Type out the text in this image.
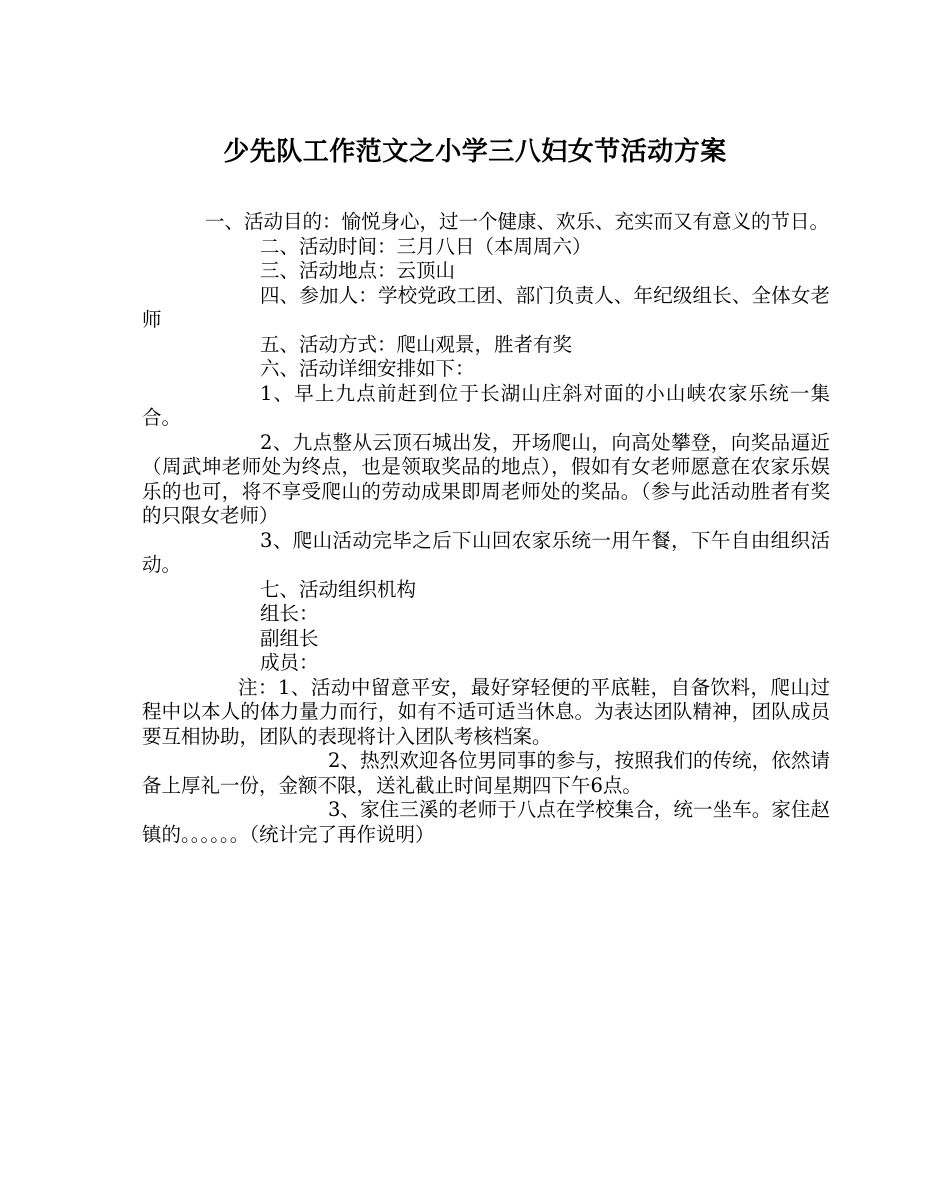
少先队工作范文之小学三八妇女节活动方案

一、活动目的：愉悦身心，过一个健康、欢乐、充实而又有意义的节日。

二、活动时间：三月八日（本周周六）

三、活动地点：云顶山

四、参加人：学校党政工团、部门负责人、年纪级组长、全体女老师

五、活动方式：爬山观景，胜者有奖

六、活动详细安排如下：

1、早上九点前赶到位于长湖山庄斜对面的小山峡农家乐统一集合。

2、九点整从云顶石城出发，开场爬山，向高处攀登，向奖品逼近（周武坤老师处为终点，也是领取奖品的地点），假如有女老师愿意在农家乐娱乐的也可，将不享受爬山的劳动成果即周老师处的奖品。（参与此活动胜者有奖的只限女老师）

3、爬山活动完毕之后下山回农家乐统一用午餐，下午自由组织活动。

七、活动组织机构

组长：

副组长

成员：

注：1、活动中留意平安，最好穿轻便的平底鞋，自备饮料，爬山过程中以本人的体力量力而行，如有不适可适当休息。为表达团队精神，团队成员要互相协助，团队的表现将计入团队考核档案。

2、热烈欢迎各位男同事的参与，按照我们的传统，依然请备上厚礼一份，金额不限，送礼截止时间星期四下午6点。

3、家住三溪的老师于八点在学校集合，统一坐车。家住赵镇的。。。。。。（统计完了再作说明）
